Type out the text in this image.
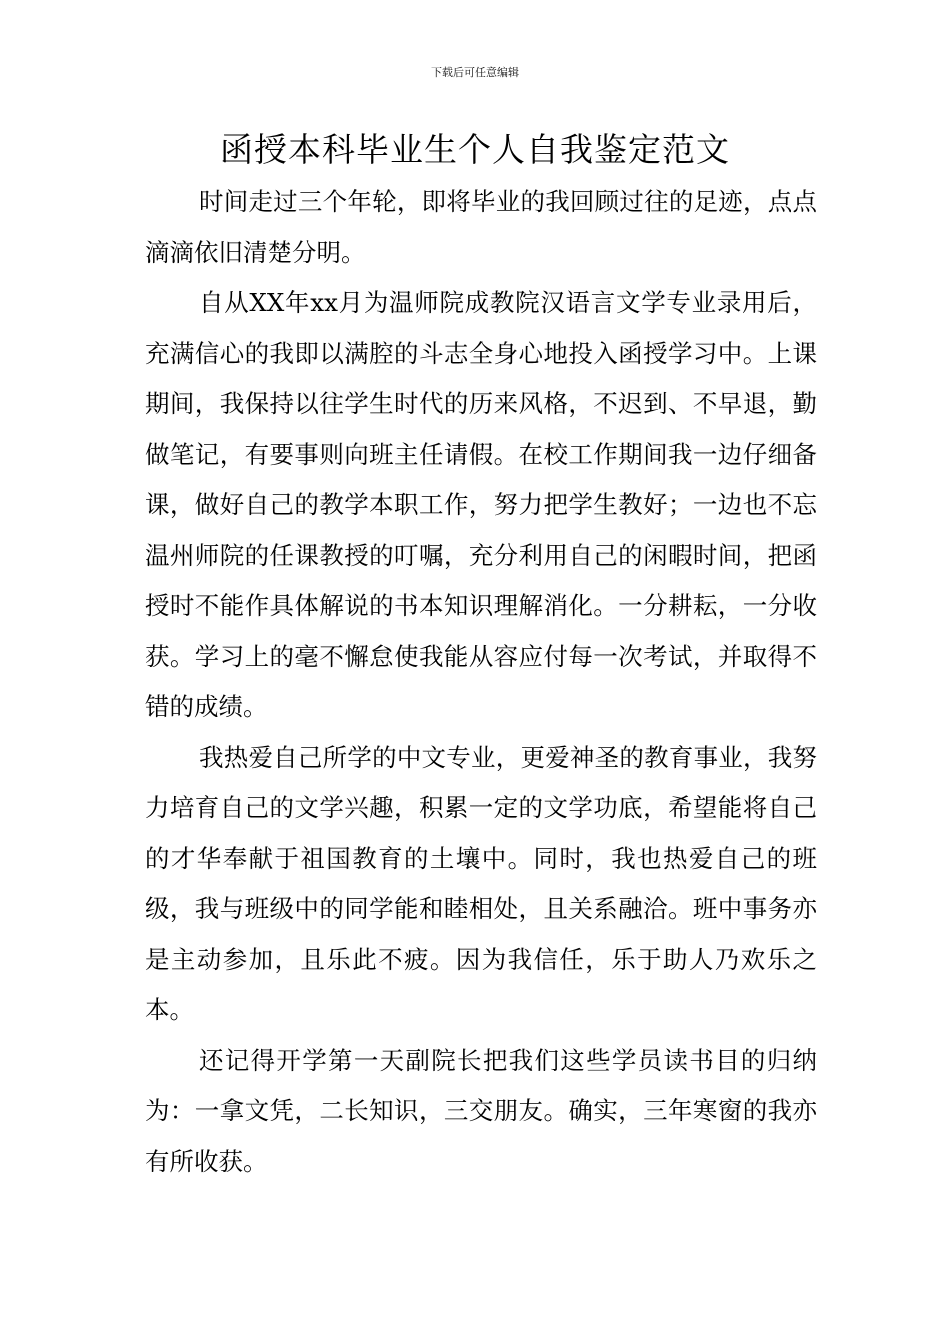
下载后可任意编辑
函授本科毕业生个人自我鉴定范文

时间走过三个年轮，即将毕业的我回顾过往的足迹，点点滴滴依旧清楚分明。

自从XX年xx月为温师院成教院汉语言文学专业录用后，充满信心的我即以满腔的斗志全身心地投入函授学习中。上课期间，我保持以往学生时代的历来风格，不迟到、不早退，勤做笔记，有要事则向班主任请假。在校工作期间我一边仔细备课，做好自己的教学本职工作，努力把学生教好；一边也不忘温州师院的任课教授的叮嘱，充分利用自己的闲暇时间，把函授时不能作具体解说的书本知识理解消化。一分耕耘，一分收获。学习上的毫不懈怠使我能从容应付每一次考试，并取得不错的成绩。

我热爱自己所学的中文专业，更爱神圣的教育事业，我努力培育自己的文学兴趣，积累一定的文学功底，希望能将自己的才华奉献于祖国教育的土壤中。同时，我也热爱自己的班级，我与班级中的同学能和睦相处，且关系融洽。班中事务亦是主动参加，且乐此不疲。因为我信任，乐于助人乃欢乐之本。

还记得开学第一天副院长把我们这些学员读书目的归纳为：一拿文凭，二长知识，三交朋友。确实，三年寒窗的我亦有所收获。
